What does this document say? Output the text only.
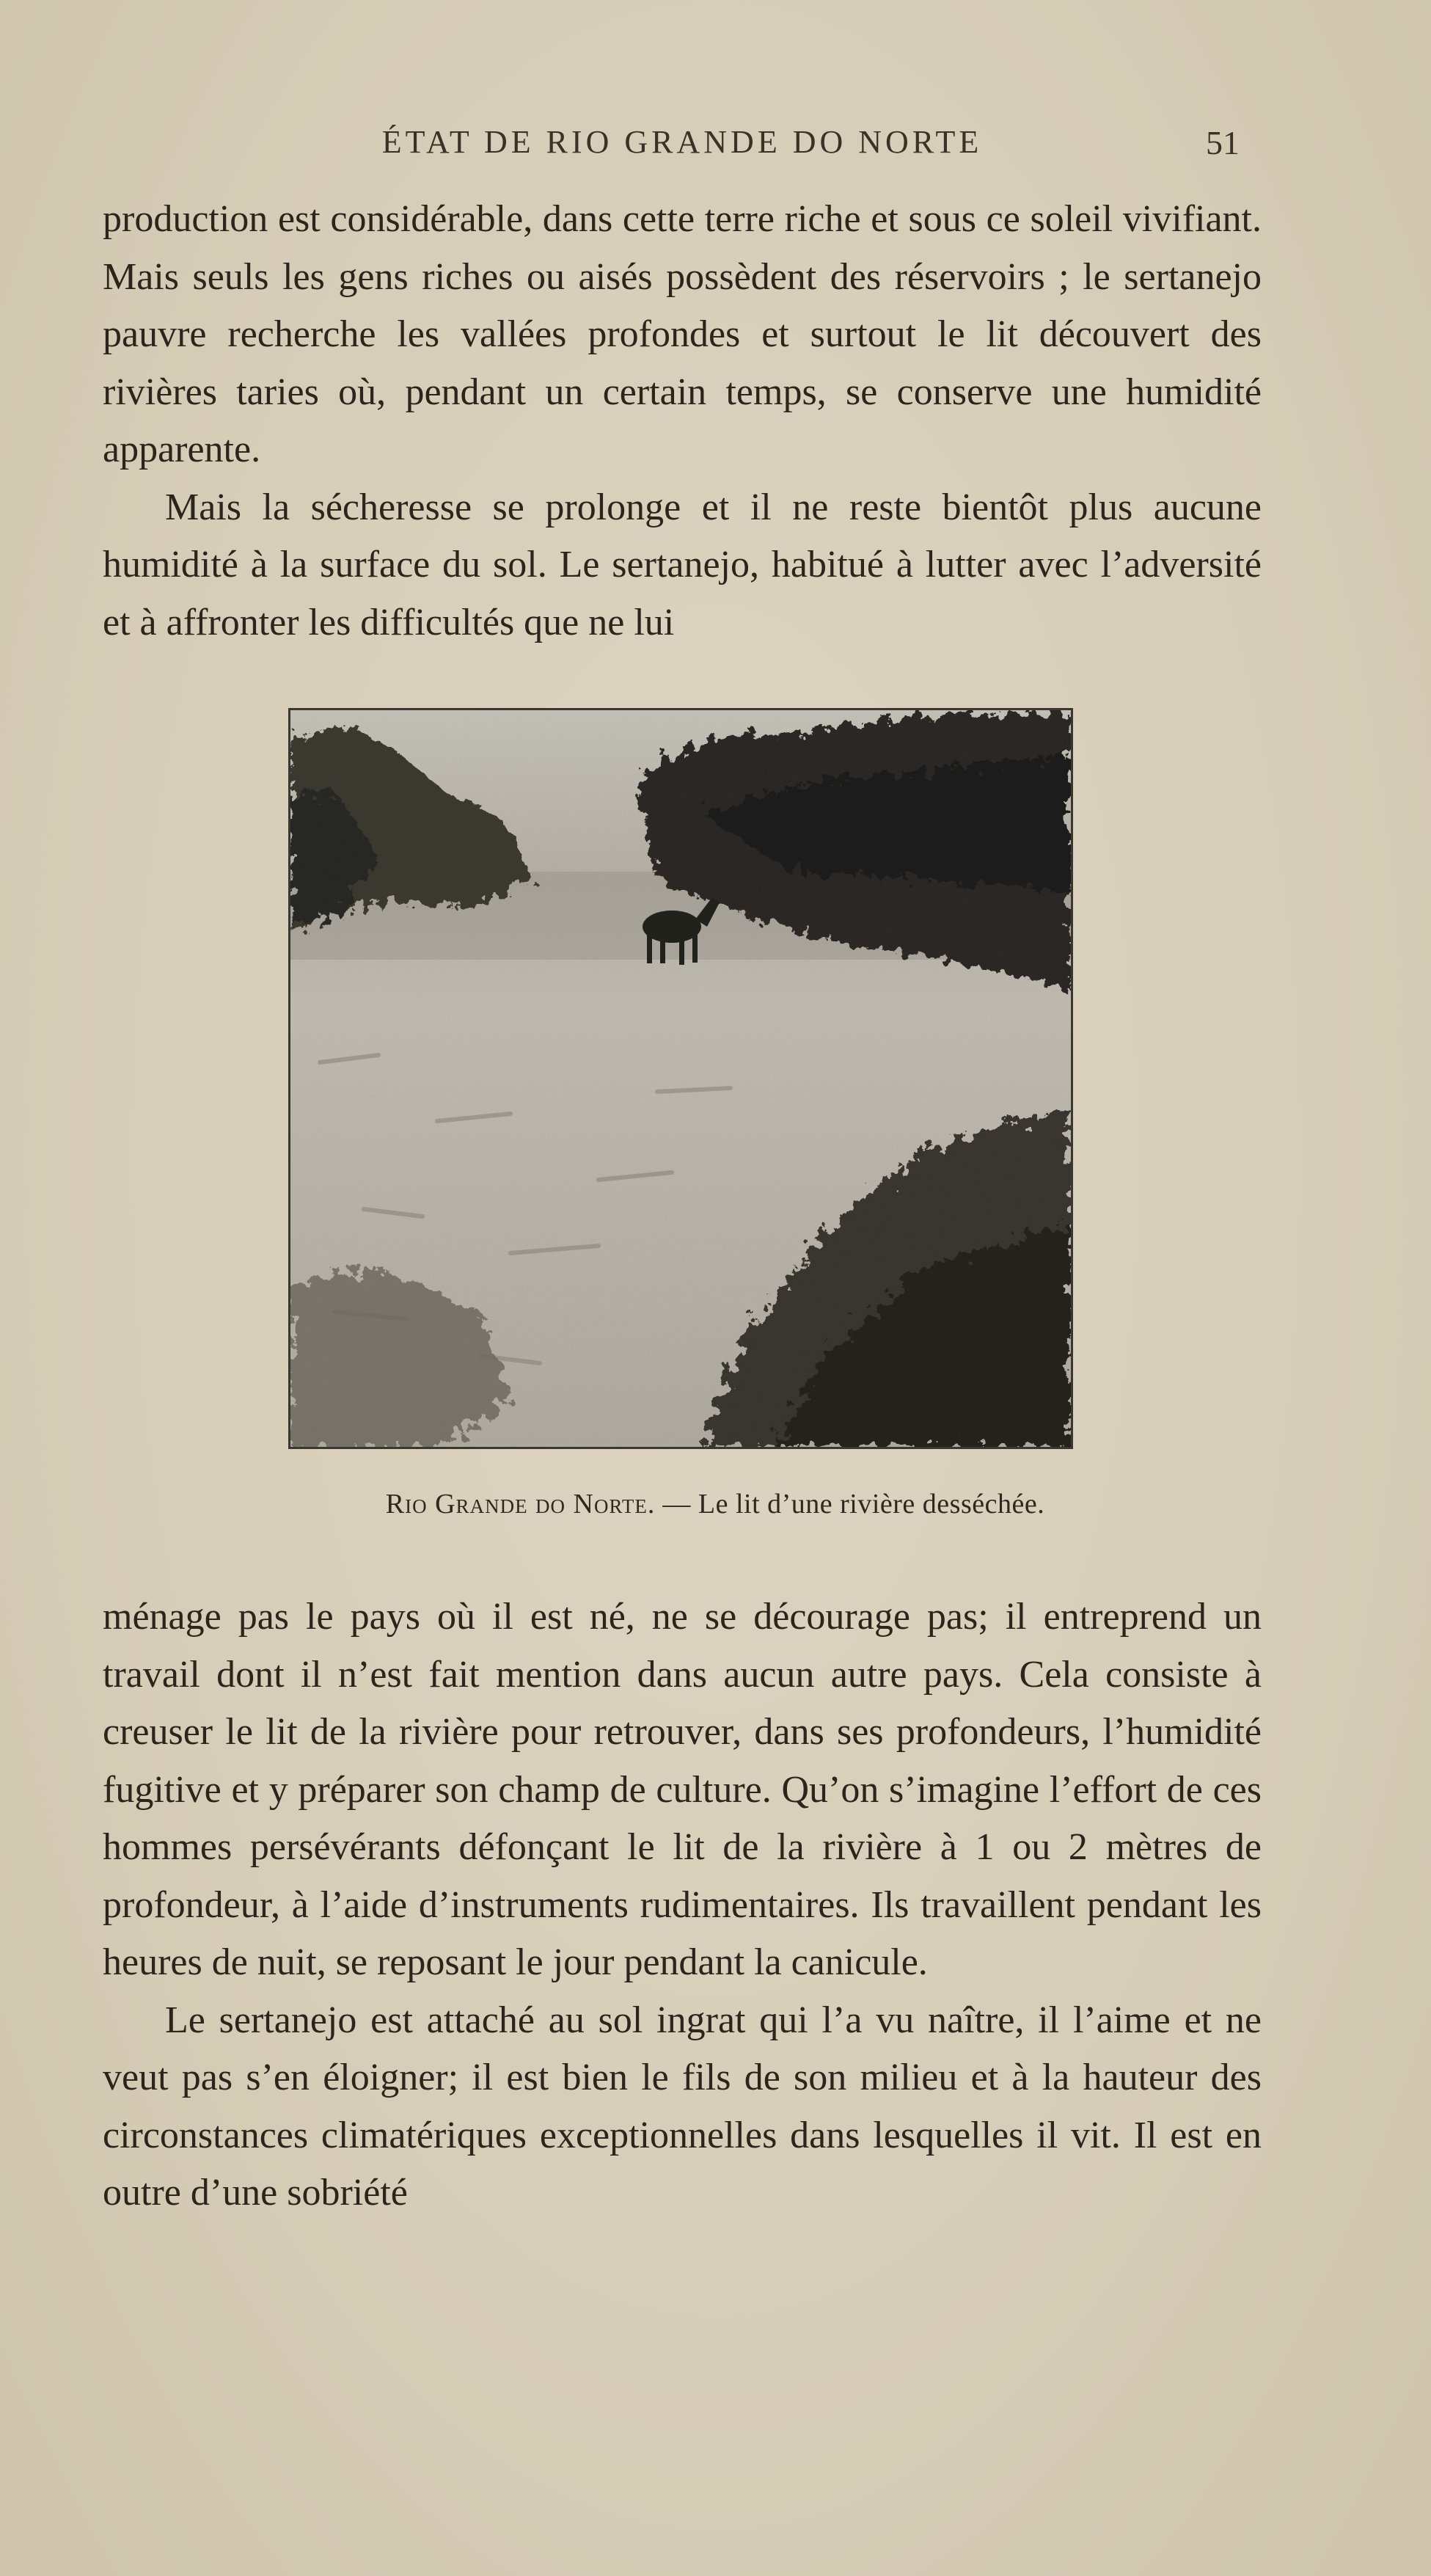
ÉTAT DE RIO GRANDE DO NORTE	51

production est considérable, dans cette terre riche et sous ce soleil vivifiant. Mais seuls les gens riches ou aisés possèdent des réservoirs ; le sertanejo pauvre recherche les vallées profondes et surtout le lit découvert des rivières taries où, pendant un certain temps, se conserve une humidité apparente.

Mais la sécheresse se prolonge et il ne reste bientôt plus aucune humidité à la surface du sol. Le sertanejo, habitué à lutter avec l’adversité et à affronter les difficultés que ne lui

Rio Grande do Norte. — Le lit d’une rivière desséchée.

ménage pas le pays où il est né, ne se décourage pas; il entreprend un travail dont il n’est fait mention dans aucun autre pays. Cela consiste à creuser le lit de la rivière pour retrouver, dans ses profondeurs, l’humidité fugitive et y préparer son champ de culture. Qu’on s’imagine l’effort de ces hommes persévérants défonçant le lit de la rivière à 1 ou 2 mètres de profondeur, à l’aide d’instruments rudimentaires. Ils travaillent pendant les heures de nuit, se reposant le jour pendant la canicule.

Le sertanejo est attaché au sol ingrat qui l’a vu naître, il l’aime et ne veut pas s’en éloigner; il est bien le fils de son milieu et à la hauteur des circonstances climatériques exceptionnelles dans lesquelles il vit. Il est en outre d’une sobriété
